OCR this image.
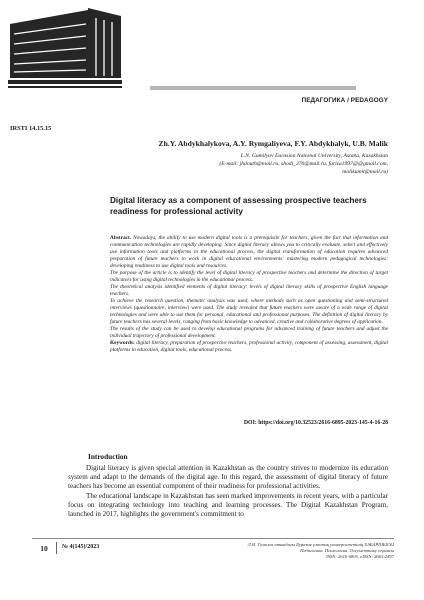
ПЕДАГОГИКА / PEDAGOGY
IRSTI 14.15.15
Zh.Y. Abdykhalykova, A.Y. Rymgaliyeva, F.Y. Abdykhalyk, U.B. Malik
L.N. Gumilyov Eurasian National University, Astana, Kazakhstan
(E-mail: jhdouth@mail.ru, shodi_370@mail.ru, fariza1997@@gmail.com,
malikumit@mail.ru)
Digital literacy as a component of assessing prospective teachers readiness for professional activity

Abstract. Nowadays, the ability to use modern digital tools is a prerequisite for teachers, given the fact that information and communication technologies are rapidly developing. Since digital literacy allows you to critically evaluate, select and effectively use information tools and platforms in the educational process, the digital transformation of education requires advanced preparation of future teachers to work in digital educational environments: mastering modern pedagogical technologies: developing readiness to use digital tools and resources.

The purpose of the article is to identify the level of digital literacy of prospective teachers and determine the direction of target indicators for using digital technologies in the educational process.

The theoretical analysis identified elements of digital literacy: levels of digital literacy skills of prospective English language teachers.

To achieve the research question, thematic analysis was used, where methods such as open questioning and semi-structured interviews (questionnaire, interview) were used. The study revealed that future teachers were aware of a wide range of digital technologies and were able to use them for personal, educational and professional purposes. The definition of digital literacy by future teachers has several levels, ranging from basic knowledge to advanced, creative and collaborative degrees of application.

The results of the study can be used to develop educational programs for advanced training of future teachers and adjust the individual trajectory of professional development.

Keywords: digital literacy, preparation of prospective teachers, professional activity, component of assessing, assessment, digital platforms in education, digital tools, educational process.

DOI: https://doi.org/10.32523/2616-6895-2023-145-4-16-28
Introduction

Digital literacy is given special attention in Kazakhstan as the country strives to modernize its education system and adapt to the demands of the digital age. In this regard, the assessment of digital literacy of future teachers has become an essential component of their readiness for professional activities.

The educational landscape in Kazakhstan has seen marked improvements in recent years, with a particular focus on integrating technology into teaching and learning processes. The Digital Kazakhstan Program, launched in 2017, highlights the government's commitment to

10	№ 4(145)/2023	Л.Н. Гумилев атындағы Еуразия ұлттық университетінің ХАБАРШЫСЫ
Педагогика. Психология. Әлеуметтану сериясы
ISSN: 2616-6895, eISSN: 2663-2497
